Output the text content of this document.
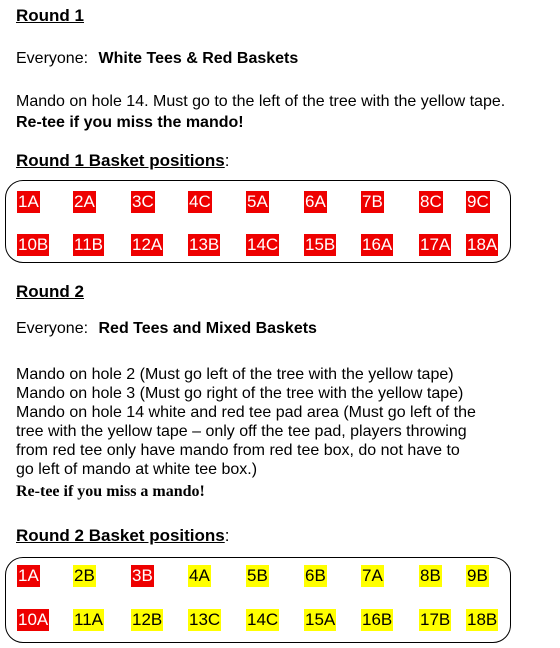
Round 1
Everyone: White Tees & Red Baskets
Mando on hole 14. Must go to the left of the tree with the yellow tape.
Re-tee if you miss the mando!
Round 1 Basket positions:
1A 2A 3C 4C 5A 6A 7B 8C 9C
10B 11B 12A 13B 14C 15B 16A 17A 18A
Round 2
Everyone: Red Tees and Mixed Baskets
Mando on hole 2 (Must go left of the tree with the yellow tape)
Mando on hole 3 (Must go right of the tree with the yellow tape)
Mando on hole 14 white and red tee pad area (Must go left of the
tree with the yellow tape – only off the tee pad, players throwing
from red tee only have mando from red tee box, do not have to
go left of mando at white tee box.)
Re-tee if you miss a mando!
Round 2 Basket positions:
1A 2B 3B 4A 5B 6B 7A 8B 9B
10A 11A 12B 13C 14C 15A 16B 17B 18B
